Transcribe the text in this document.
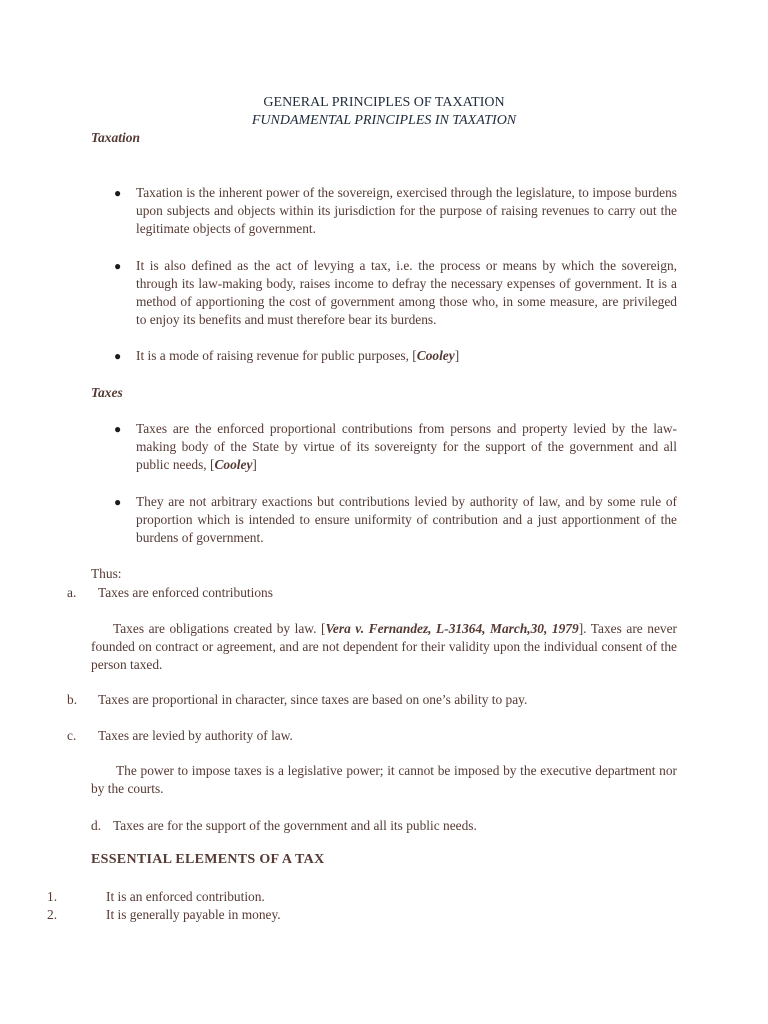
GENERAL PRINCIPLES OF TAXATION
FUNDAMENTAL PRINCIPLES IN TAXATION
Taxation
●	Taxation is the inherent power of the sovereign, exercised through the legislature, to impose burdens upon subjects and objects within its jurisdiction for the purpose of raising revenues to carry out the legitimate objects of government.
●	It is also defined as the act of levying a tax, i.e. the process or means by which the sovereign, through its law-making body, raises income to defray the necessary expenses of government. It is a method of apportioning the cost of government among those who, in some measure, are privileged to enjoy its benefits and must therefore bear its burdens.
●	It is a mode of raising revenue for public purposes, [Cooley]
Taxes
●	Taxes are the enforced proportional contributions from persons and property levied by the law-making body of the State by virtue of its sovereignty for the support of the government and all public needs, [Cooley]
●	They are not arbitrary exactions but contributions levied by authority of law, and by some rule of proportion which is intended to ensure uniformity of contribution and a just apportionment of the burdens of government.
Thus:
a. Taxes are enforced contributions
Taxes are obligations created by law. [Vera v. Fernandez, L-31364, March,30, 1979]. Taxes are never founded on contract or agreement, and are not dependent for their validity upon the individual consent of the person taxed.
b. Taxes are proportional in character, since taxes are based on one’s ability to pay.
c. Taxes are levied by authority of law.
The power to impose taxes is a legislative power; it cannot be imposed by the executive department nor by the courts.
d. Taxes are for the support of the government and all its public needs.
ESSENTIAL ELEMENTS OF A TAX
1.	It is an enforced contribution.
2.	It is generally payable in money.
